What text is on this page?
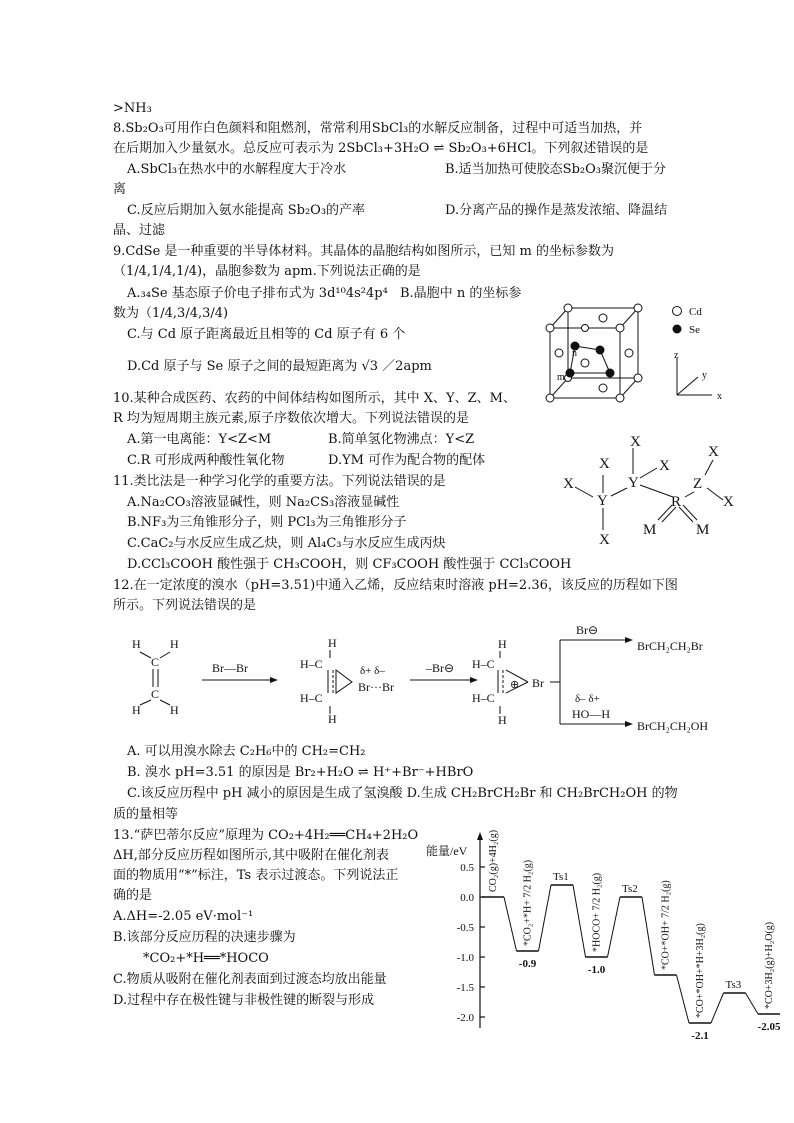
>NH₃
8.Sb₂O₃可用作白色颜料和阻燃剂，常常利用SbCl₃的水解反应制备，过程中可适当加热，并
在后期加入少量氨水。总反应可表示为 2SbCl₃+3H₂O ⇌ Sb₂O₃+6HCl。下列叙述错误的是
A.SbCl₃在热水中的水解程度大于冷水	B.适当加热可使胶态Sb₂O₃聚沉便于分
离
C.反应后期加入氨水能提高 Sb₂O₃的产率	D.分离产品的操作是蒸发浓缩、降温结
晶、过滤
9.CdSe 是一种重要的半导体材料。其晶体的晶胞结构如图所示，已知 m 的坐标参数为
（1/4,1/4,1/4)，晶胞参数为 apm.下列说法正确的是
A.₃₄Se 基态原子价电子排布式为 3d¹⁰4s²4p⁴ B.晶胞中 n 的坐标参
数为（1/4,3/4,3/4)
C.与 Cd 原子距离最近且相等的 Cd 原子有 6 个
D.Cd 原子与 Se 原子之间的最短距离为 √3 ／2apm
10.某种合成医药、农药的中间体结构如图所示，其中 X、Y、Z、M、
R 均为短周期主族元素,原子序数依次增大。下列说法错误的是
A.第一电离能：Y<Z<M	B.简单氢化物沸点：Y<Z
C.R 可形成两种酸性氧化物	D.YM 可作为配合物的配体
11.类比法是一种学习化学的重要方法。下列说法错误的是
A.Na₂CO₃溶液显碱性，则 Na₂CS₃溶液显碱性
B.NF₃为三角锥形分子，则 PCl₃为三角锥形分子
C.CaC₂与水反应生成乙炔，则 Al₄C₃与水反应生成丙炔
D.CCl₃COOH 酸性强于 CH₃COOH，则 CF₃COOH 酸性强于 CCl₃COOH
12.在一定浓度的溴水（pH=3.51)中通入乙烯，反应结束时溶液 pH=2.36，该反应的历程如下图
所示。下列说法错误的是
A. 可以用溴水除去 C₂H₆中的 CH₂=CH₂
B. 溴水 pH=3.51 的原因是 Br₂+H₂O ⇌ H⁺+Br⁻+HBrO
C.该反应历程中 pH 减小的原因是生成了氢溴酸 D.生成 CH₂BrCH₂Br 和 CH₂BrCH₂OH 的物
质的量相等
13.“萨巴蒂尔反应”原理为 CO₂+4H₂══CH₄+2H₂O
ΔH,部分反应历程如图所示,其中吸附在催化剂表
面的物质用“*”标注，Ts 表示过渡态。下列说法正
确的是
A.ΔH=-2.05 eV·mol⁻¹
B.该部分反应历程的决速步骤为
*CO₂+*H══*HOCO
C.物质从吸附在催化剂表面到过渡态均放出能量
D.过程中存在极性键与非极性键的断裂与形成
n
m
Cd
Se
z
y
x
X
X	X
X
X
X
X
Y
Y
Z
R
M	M
H H
H H
C
C
Br—Br
H
H–C
H–C
H
δ+ δ–
Br···Br
–Br⊖
H
H–C
H–C
H
⊕ Br
Br⊖
BrCH₂CH₂Br
δ– δ+
HO—H
BrCH₂CH₂OH
能量/eV
0.5
0.0
-0.5
-1.0
-1.5
-2.0
CO₂(g)+4H₂(g) *CO₂+*H+ 7/2 H₂(g) Ts1 *HOCO+ 7/2 H₂(g) Ts2 *CO+*OH+ 7/2 H₂(g) *CO+*OH+*H+3H₂(g) Ts3 *CO+3H₂(g)+H₂O(g)
-0.9	-1.0
-2.1
-2.05
